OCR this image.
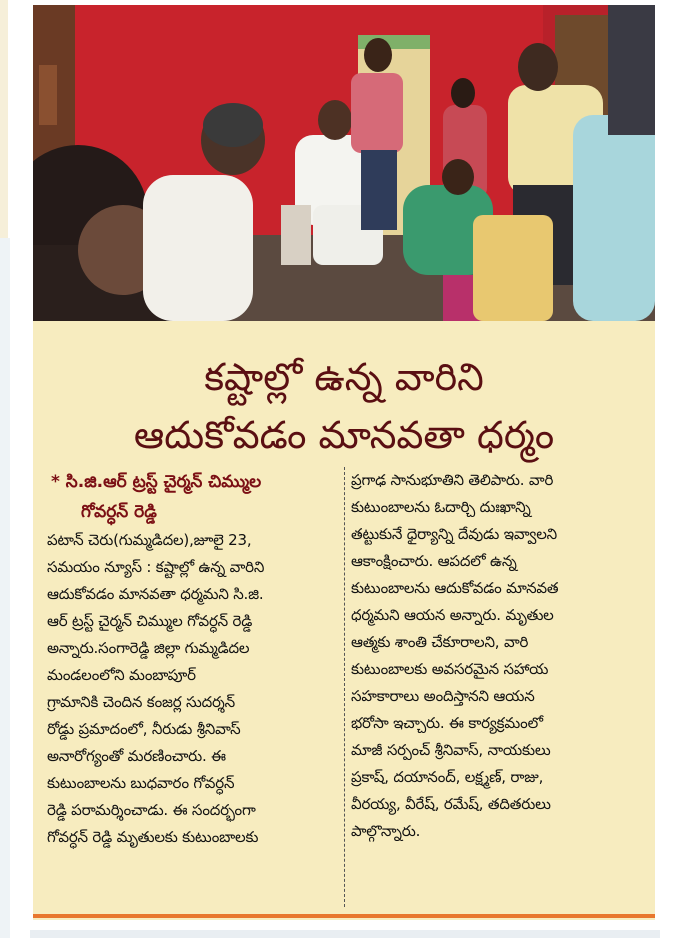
కష్టాల్లో ఉన్న వారిని
ఆదుకోవడం మానవతా ధర్మం
* సి.జి.ఆర్ ట్రస్ట్ చైర్మన్ చిమ్ముల
గోవర్ధన్ రెడ్డి
పటాన్ చెరు(గుమ్మడిదల),జూలై 23,
సమయం న్యూస్ : కష్టాల్లో ఉన్న వారిని
ఆదుకోవడం మానవతా ధర్మమని సి.జి.
ఆర్ ట్రస్ట్ చైర్మన్ చిమ్ముల గోవర్ధన్ రెడ్డి
అన్నారు.సంగారెడ్డి జిల్లా గుమ్మడిదల
మండలంలోని మంబాపూర్
గ్రామానికి చెందిన కంజర్ల సుదర్శన్
రోడ్డు ప్రమాదంలో, నీరుడు శ్రీనివాస్
అనారోగ్యంతో మరణించారు. ఈ
కుటుంబాలను బుధవారం గోవర్ధన్
రెడ్డి పరామర్శించాడు. ఈ సందర్భంగా
గోవర్ధన్ రెడ్డి మృతులకు కుటుంబాలకు
ప్రగాఢ సానుభూతిని తెలిపారు. వారి
కుటుంబాలను ఓదార్చి దుఃఖాన్ని
తట్టుకునే ధైర్యాన్ని దేవుడు ఇవ్వాలని
ఆకాంక్షించారు. ఆపదలో ఉన్న
కుటుంబాలను ఆదుకోవడం మానవత
ధర్మమని ఆయన అన్నారు. మృతుల
ఆత్మకు శాంతి చేకూరాలని, వారి
కుటుంబాలకు అవసరమైన సహాయ
సహకారాలు అందిస్తానని ఆయన
భరోసా ఇచ్చారు. ఈ కార్యక్రమంలో
మాజీ సర్పంచ్ శ్రీనివాస్, నాయకులు
ప్రకాష్, దయానంద్, లక్ష్మణ్, రాజు,
వీరయ్య, వీరేష్, రమేష్, తదితరులు
పాల్గొన్నారు.
